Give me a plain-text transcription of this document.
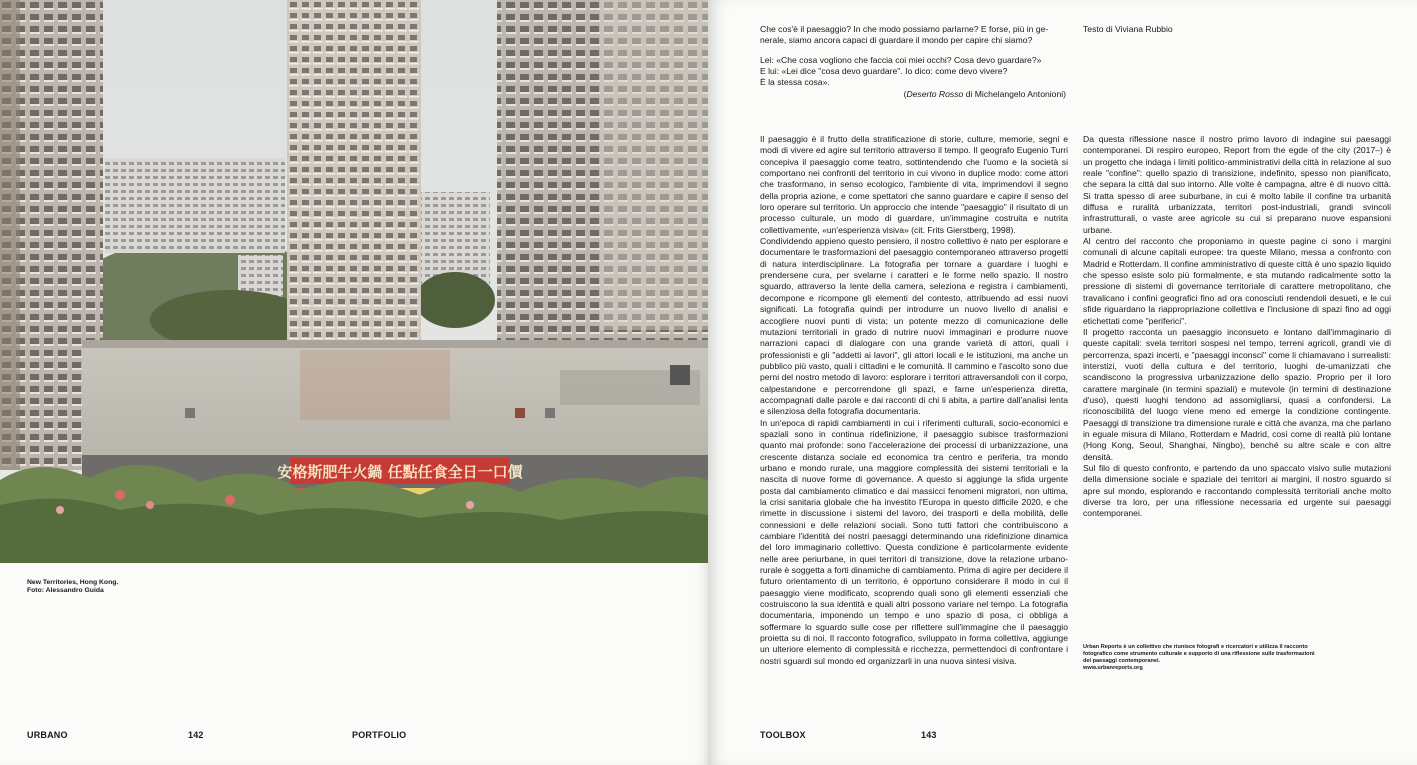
安格斯肥牛火鍋 任點任食全日一口價
New Territories, Hong Kong.
Foto: Alessandro Guida
URBANO	142	PORTFOLIO

Che cos'è il paesaggio? In che modo possiamo parlarne? E forse, più in ge-

nerale, siamo ancora capaci di guardare il mondo per capire chi siamo?

Lei: «Che cosa vogliono che faccia coi miei occhi? Cosa devo guardare?»

E lui: «Lei dice "cosa devo guardare". Io dico: come devo vivere?

È la stessa cosa».

(Deserto Rosso di Michelangelo Antonioni)

Testo di Viviana Rubbio

Il paesaggio è il frutto della stratificazione di storie, culture, memorie, segni e modi di vivere ed agire sul territorio attraverso il tempo. Il geografo Eugenio Turri concepiva il paesaggio come teatro, sottintendendo che l'uomo e la società si comportano nei confronti del territorio in cui vivono in duplice modo: come attori che trasformano, in senso ecologico, l'ambiente di vita, imprimendovi il segno della propria azione, e come spettatori che sanno guardare e capire il senso del loro operare sul territorio. Un approccio che intende "paesaggio" il risultato di un processo culturale, un modo di guardare, un'immagine costruita e nutrita collettivamente, «un'esperienza visiva» (cit. Frits Gierstberg, 1998).

Condividendo appieno questo pensiero, il nostro collettivo è nato per esplorare e documentare le trasformazioni del paesaggio contemporaneo attraverso progetti di natura interdisciplinare. La fotografia per tornare a guardare i luoghi e prendersene cura, per svelarne i caratteri e le forme nello spazio. Il nostro sguardo, attraverso la lente della camera, seleziona e registra i cambiamenti, decompone e ricompone gli elementi del contesto, attribuendo ad essi nuovi significati. La fotografia quindi per introdurre un nuovo livello di analisi e accogliere nuovi punti di vista; un potente mezzo di comunicazione delle mutazioni territoriali in grado di nutrire nuovi immaginari e produrre nuove narrazioni capaci di dialogare con una grande varietà di attori, quali i professionisti e gli "addetti ai lavori", gli attori locali e le istituzioni, ma anche un pubblico più vasto, quali i cittadini e le comunità. Il cammino e l'ascolto sono due perni del nostro metodo di lavoro: esplorare i territori attraversandoli con il corpo, calpestandone e percorrendone gli spazi, e farne un'esperienza diretta, accompagnati dalle parole e dai racconti di chi li abita, a partire dall'analisi lenta e silenziosa della fotografia documentaria.

In un'epoca di rapidi cambiamenti in cui i riferimenti culturali, socio-economici e spaziali sono in continua ridefinizione, il paesaggio subisce trasformazioni quanto mai profonde: sono l'accelerazione dei processi di urbanizzazione, una crescente distanza sociale ed economica tra centro e periferia, tra mondo urbano e mondo rurale, una maggiore complessità dei sistemi territoriali e la nascita di nuove forme di governance. A questo si aggiunge la sfida urgente posta dal cambiamento climatico e dai massicci fenomeni migratori, non ultima, la crisi sanitaria globale che ha investito l'Europa in questo difficile 2020, e che rimette in discussione i sistemi del lavoro, dei trasporti e della mobilità, delle connessioni e delle relazioni sociali. Sono tutti fattori che contribuiscono a cambiare l'identità dei nostri paesaggi determinando una ridefinizione dinamica del loro immaginario collettivo. Questa condizione è particolarmente evidente nelle aree periurbane, in quei territori di transizione, dove la relazione urbano-rurale è soggetta a forti dinamiche di cambiamento. Prima di agire per decidere il futuro orientamento di un territorio, è opportuno considerare il modo in cui il paesaggio viene modificato, scoprendo quali sono gli elementi essenziali che costruiscono la sua identità e quali altri possono variare nel tempo. La fotografia documentaria, imponendo un tempo e uno spazio di posa, ci obbliga a soffermare lo sguardo sulle cose per riflettere sull'immagine che il paesaggio proietta su di noi. Il racconto fotografico, sviluppato in forma collettiva, aggiunge un ulteriore elemento di complessità e ricchezza, permettendoci di confrontare i nostri sguardi sul mondo ed organizzarli in una nuova sintesi visiva.

Da questa riflessione nasce il nostro primo lavoro di indagine sui paesaggi contemporanei. Di respiro europeo, Report from the egde of the city (2017–) è un progetto che indaga i limiti politico-amministrativi della città in relazione al suo reale "confine": quello spazio di transizione, indefinito, spesso non pianificato, che separa la città dal suo intorno. Alle volte è campagna, altre è di nuovo città. Si tratta spesso di aree suburbane, in cui è molto labile il confine tra urbanità diffusa e ruralità urbanizzata, territori post-industriali, grandi svincoli infrastrutturali, o vaste aree agricole su cui si preparano nuove espansioni urbane.

Al centro del racconto che proponiamo in queste pagine ci sono i margini comunali di alcune capitali europee: tra queste Milano, messa a confronto con Madrid e Rotterdam. Il confine amministrativo di queste città è uno spazio liquido che spesso esiste solo più formalmente, e sta mutando radicalmente sotto la pressione di sistemi di governance territoriale di carattere metropolitano, che travalicano i confini geografici fino ad ora conosciuti rendendoli desueti, e le cui sfide riguardano la riappropriazione collettiva e l'inclusione di spazi fino ad oggi etichettati come "periferici".

Il progetto racconta un paesaggio inconsueto e lontano dall'immaginario di queste capitali: svela territori sospesi nel tempo, terreni agricoli, grandi vie di percorrenza, spazi incerti, e "paesaggi inconsci" come li chiamavano i surrealisti: interstizi, vuoti della cultura e del territorio, luoghi de-umanizzati che scandiscono la progressiva urbanizzazione dello spazio. Proprio per il loro carattere marginale (in termini spaziali) e mutevole (in termini di destinazione d'uso), questi luoghi tendono ad assomigliarsi, quasi a confondersi. La riconoscibilità del luogo viene meno ed emerge la condizione contingente. Paesaggi di transizione tra dimensione rurale e città che avanza, ma che parlano in eguale misura di Milano, Rotterdam e Madrid, così come di realtà più lontane (Hong Kong, Seoul, Shanghai, Ningbo), benché su altre scale e con altre densità.

Sul filo di questo confronto, e partendo da uno spaccato visivo sulle mutazioni della dimensione sociale e spaziale dei territori ai margini, il nostro sguardo si apre sul mondo, esplorando e raccontando complessità territoriali anche molto diverse tra loro, per una riflessione necessaria ed urgente sui paesaggi contemporanei.

Urban Reports è un collettivo che riunisce fotografi e ricercatori e utilizza il racconto
fotografico come strumento culturale e supporto di una riflessione sulle trasformazioni
dei paesaggi contemporanei.
www.urbanreports.org
TOOLBOX	143
